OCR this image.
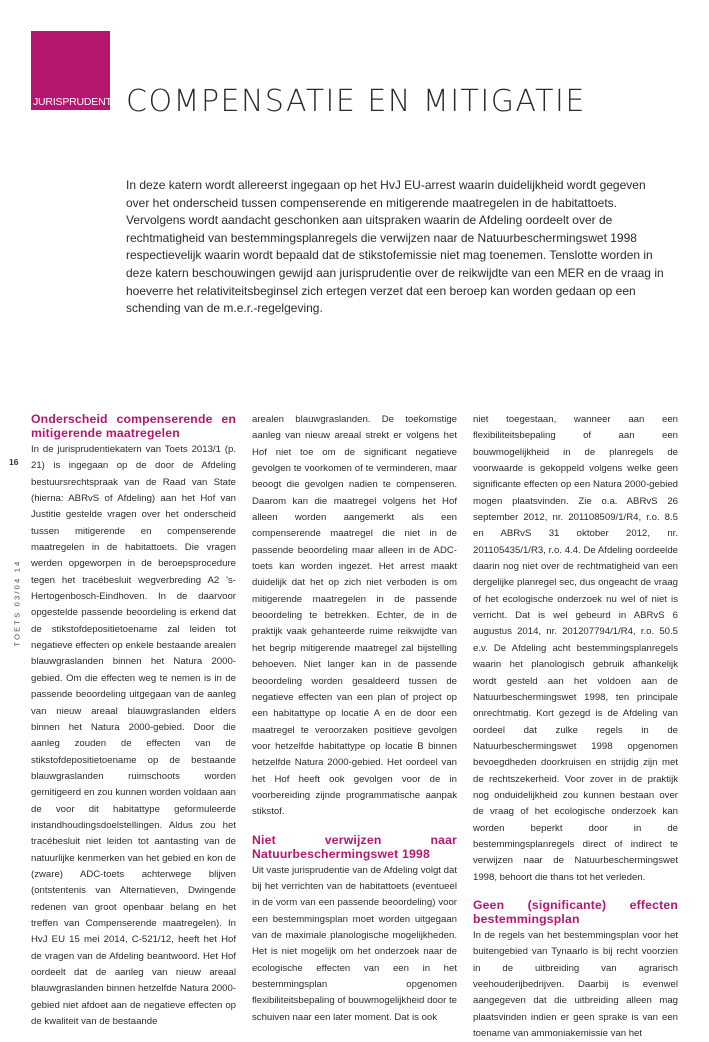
JURISPRUDENTIE COMPENSATIE EN MITIGATIE

In deze katern wordt allereerst ingegaan op het HvJ EU-arrest waarin duidelijkheid wordt gegeven over het onderscheid tussen compenserende en mitigerende maatregelen in de habitattoets. Vervolgens wordt aandacht geschonken aan uitspraken waarin de Afdeling oordeelt over de rechtmatigheid van bestemmingsplanregels die verwijzen naar de Natuurbeschermingswet 1998 respectievelijk waarin wordt bepaald dat de stikstofemissie niet mag toenemen. Tenslotte worden in deze katern beschouwingen gewijd aan jurisprudentie over de reikwijdte van een MER en de vraag in hoeverre het relativiteitsbeginsel zich ertegen verzet dat een beroep kan worden gedaan op een schending van de m.e.r.-regelgeving.

16
TOETS 03/04 14
Onderscheid compenserende en mitigerende maatregelen

In de jurisprudentiekatern van Toets 2013/1 (p. 21) is ingegaan op de door de Afdeling bestuursrechtspraak van de Raad van State (hierna: ABRvS of Afdeling) aan het Hof van Justitie gestelde vragen over het onderscheid tussen mitigerende en compenserende maatregelen in de habitattoets. Die vragen werden opgeworpen in de beroepsprocedure tegen het tracébesluit wegverbreding A2 's-Hertogenbosch-Eindhoven. In de daarvoor opgestelde passende beoordeling is erkend dat de stikstofdepositietoename zal leiden tot negatieve effecten op enkele bestaande arealen blauwgraslanden binnen het Natura 2000-gebied. Om die effecten weg te nemen is in de passende beoordeling uitgegaan van de aanleg van nieuw areaal blauwgraslanden elders binnen het Natura 2000-gebied. Door die aanleg zouden de effecten van de stikstofdepositietoename op de bestaande blauwgraslanden ruimschoots worden gemitigeerd en zou kunnen worden voldaan aan de voor dit habitattype geformuleerde instandhoudingsdoelstellingen. Aldus zou het tracébesluit niet leiden tot aantasting van de natuurlijke kenmerken van het gebied en kon de (zware) ADC-toets achterwege blijven (ontstentenis van Alternatieven, Dwingende redenen van groot openbaar belang en het treffen van Compenserende maatregelen). In HvJ EU 15 mei 2014, C-521/12, heeft het Hof de vragen van de Afdeling beantwoord. Het Hof oordeelt dat de aanleg van nieuw areaal blauwgraslanden binnen hetzelfde Natura 2000-gebied niet afdoet aan de negatieve effecten op de kwaliteit van de bestaande

arealen blauwgraslanden. De toekomstige aanleg van nieuw areaal strekt er volgens het Hof niet toe om de significant negatieve gevolgen te voorkomen of te verminderen, maar beoogt die gevolgen nadien te compenseren. Daarom kan die maatregel volgens het Hof alleen worden aangemerkt als een compenserende maatregel die niet in de passende beoordeling maar alleen in de ADC-toets kan worden ingezet. Het arrest maakt duidelijk dat het op zich niet verboden is om mitigerende maatregelen in de passende beoordeling te betrekken. Echter, de in de praktijk vaak gehanteerde ruime reikwijdte van het begrip mitigerende maatregel zal bijstelling behoeven. Niet langer kan in de passende beoordeling worden gesaldeerd tussen de negatieve effecten van een plan of project op een habitattype op locatie A en de door een maatregel te veroorzaken positieve gevolgen voor hetzelfde habitattype op locatie B binnen hetzelfde Natura 2000-gebied. Het oordeel van het Hof heeft ook gevolgen voor de in voorbereiding zijnde programmatische aanpak stikstof.

Niet verwijzen naar Natuurbeschermingswet 1998

Uit vaste jurisprudentie van de Afdeling volgt dat bij het verrichten van de habitattoets (eventueel in de vorm van een passende beoordeling) voor een bestemmingsplan moet worden uitgegaan van de maximale planologische mogelijkheden. Het is niet mogelijk om het onderzoek naar de ecologische effecten van een in het bestemmingsplan opgenomen flexibiliteitsbepaling of bouwmogelijkheid door te schuiven naar een later moment. Dat is ook

niet toegestaan, wanneer aan een flexibiliteitsbepaling of aan een bouwmogelijkheid in de planregels de voorwaarde is gekoppeld volgens welke geen significante effecten op een Natura 2000-gebied mogen plaatsvinden. Zie o.a. ABRvS 26 september 2012, nr. 201108509/1/R4, r.o. 8.5 en ABRvS 31 oktober 2012, nr. 201105435/1/R3, r.o. 4.4. De Afdeling oordeelde daarin nog niet over de rechtmatigheid van een dergelijke planregel sec, dus ongeacht de vraag of het ecologische onderzoek nu wel of niet is verricht. Dat is wel gebeurd in ABRvS 6 augustus 2014, nr. 201207794/1/R4, r.o. 50.5 e.v. De Afdeling acht bestemmingsplanregels waarin het planologisch gebruik afhankelijk wordt gesteld aan het voldoen aan de Natuurbeschermingswet 1998, ten principale onrechtmatig. Kort gezegd is de Afdeling van oordeel dat zulke regels in de Natuurbeschermingswet 1998 opgenomen bevoegdheden doorkruisen en strijdig zijn met de rechtszekerheid. Voor zover in de praktijk nog onduidelijkheid zou kunnen bestaan over de vraag of het ecologische onderzoek kan worden beperkt door in de bestemmingsplanregels direct of indirect te verwijzen naar de Natuurbeschermingswet 1998, behoort die thans tot het verleden.

Geen (significante) effecten bestemmingsplan

In de regels van het bestemmingsplan voor het buitengebied van Tynaarlo is bij recht voorzien in de uitbreiding van agrarisch veehouderijbedrijven. Daarbij is evenwel aangegeven dat die uitbreiding alleen mag plaatsvinden indien er geen sprake is van een toename van ammoniakemissie van het
